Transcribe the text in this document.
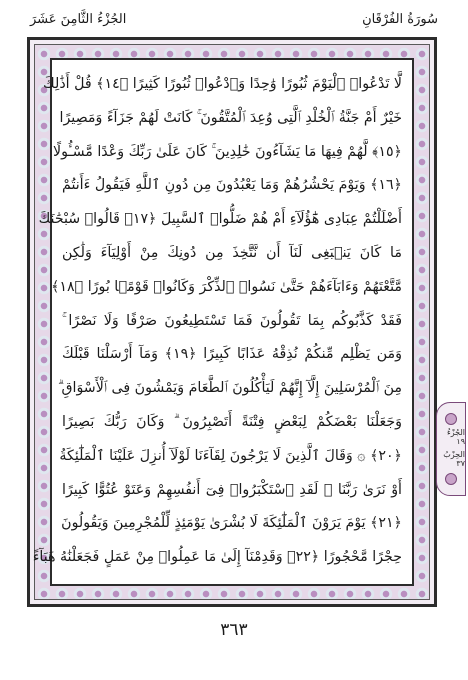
سُورَةُ الفُرْقَانِ
الجُزْءُ الثَّامِنَ عَشَرَ
لَّا تَدْعُوا۟ ٱلْيَوْمَ ثُبُورًا وَٰحِدًا وَٱدْعُوا۟ ثُبُورًا كَثِيرًا ﴿١٤﴾ قُلْ أَذَٰلِكَ
خَيْرٌ أَمْ جَنَّةُ ٱلْخُلْدِ ٱلَّتِى وُعِدَ ٱلْمُتَّقُونَ ۚ كَانَتْ لَهُمْ جَزَآءً وَمَصِيرًا
﴿١٥﴾ لَّهُمْ فِيهَا مَا يَشَآءُونَ خَٰلِدِينَ ۚ كَانَ عَلَىٰ رَبِّكَ وَعْدًا مَّسْـُٔولًا
﴿١٦﴾ وَيَوْمَ يَحْشُرُهُمْ وَمَا يَعْبُدُونَ مِن دُونِ ٱللَّهِ فَيَقُولُ ءَأَنتُمْ
أَضْلَلْتُمْ عِبَادِى هَٰٓؤُلَآءِ أَمْ هُمْ ضَلُّوا۟ ٱلسَّبِيلَ ﴿١٧﴾ قَالُوا۟ سُبْحَٰنَكَ
مَا كَانَ يَنۢبَغِى لَنَآ أَن نَّتَّخِذَ مِن دُونِكَ مِنْ أَوْلِيَآءَ وَلَٰكِن
مَّتَّعْتَهُمْ وَءَابَآءَهُمْ حَتَّىٰ نَسُوا۟ ٱلذِّكْرَ وَكَانُوا۟ قَوْمًۢا بُورًا ﴿١٨﴾
فَقَدْ كَذَّبُوكُم بِمَا تَقُولُونَ فَمَا تَسْتَطِيعُونَ صَرْفًا وَلَا نَصْرًا ۚ
وَمَن يَظْلِم مِّنكُمْ نُذِقْهُ عَذَابًا كَبِيرًا ﴿١٩﴾ وَمَآ أَرْسَلْنَا قَبْلَكَ
مِنَ ٱلْمُرْسَلِينَ إِلَّآ إِنَّهُمْ لَيَأْكُلُونَ ٱلطَّعَامَ وَيَمْشُونَ فِى ٱلْأَسْوَاقِ ۗ
وَجَعَلْنَا بَعْضَكُمْ لِبَعْضٍ فِتْنَةً أَتَصْبِرُونَ ۗ وَكَانَ رَبُّكَ بَصِيرًا
﴿٢٠﴾ ۞ وَقَالَ ٱلَّذِينَ لَا يَرْجُونَ لِقَآءَنَا لَوْلَآ أُنزِلَ عَلَيْنَا ٱلْمَلَٰٓئِكَةُ
أَوْ نَرَىٰ رَبَّنَا ۗ لَقَدِ ٱسْتَكْبَرُوا۟ فِىٓ أَنفُسِهِمْ وَعَتَوْ عُتُوًّا كَبِيرًا
﴿٢١﴾ يَوْمَ يَرَوْنَ ٱلْمَلَٰٓئِكَةَ لَا بُشْرَىٰ يَوْمَئِذٍ لِّلْمُجْرِمِينَ وَيَقُولُونَ
حِجْرًا مَّحْجُورًا ﴿٢٢﴾ وَقَدِمْنَآ إِلَىٰ مَا عَمِلُوا۟ مِنْ عَمَلٍ فَجَعَلْنَٰهُ هَبَآءً
الجُزْءُ ١٩
الحِزْبُ ٣٧
٣٦٣
